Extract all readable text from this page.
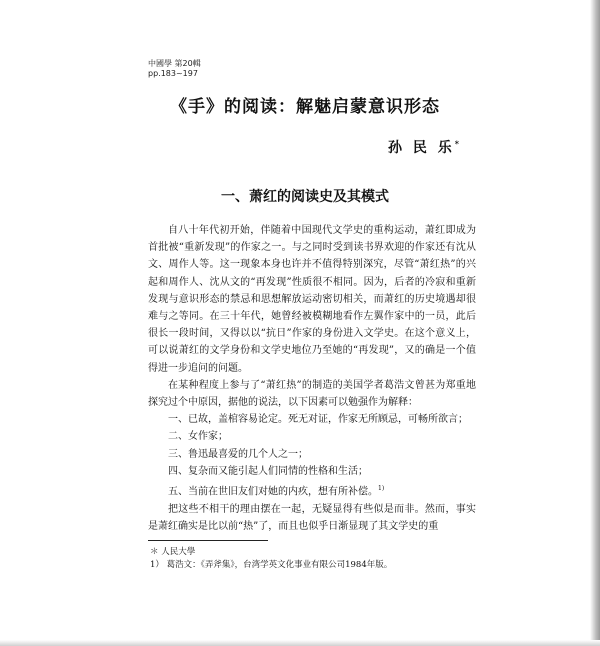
中國學 第20輯
pp.183~197
《手》的阅读：解魅启蒙意识形态
孙 民 乐*
一、萧红的阅读史及其模式

自八十年代初开始，伴随着中国现代文学史的重构运动，萧红即成为首批被“重新发现”的作家之一。与之同时受到读书界欢迎的作家还有沈从文、周作人等。这一现象本身也许并不值得特别深究，尽管“萧红热”的兴起和周作人、沈从文的“再发现”性质很不相同。因为，后者的冷寂和重新发现与意识形态的禁忌和思想解放运动密切相关，而萧红的历史境遇却很难与之等同。在三十年代，她曾经被模糊地看作左翼作家中的一员，此后很长一段时间，又得以以“抗日”作家的身份进入文学史。在这个意义上，可以说萧红的文学身份和文学史地位乃至她的“再发现”，又的确是一个值得进一步追问的问题。

在某种程度上参与了“萧红热”的制造的美国学者葛浩文曾甚为郑重地探究过个中原因，据他的说法，以下因素可以勉强作为解释：

一、已故，盖棺容易论定。死无对证，作家无所顾忌，可畅所欲言；

二、女作家；

三、鲁迅最喜爱的几个人之一；

四、复杂而又能引起人们同情的性格和生活；

五、当前在世旧友们对她的内疚，想有所补偿。$^{1)}$

把这些不相干的理由摆在一起，无疑显得有些似是而非。然而，事实是萧红确实是比以前“热”了，而且也似乎日渐显现了其文学史的重

＊ 人民大學

1） 葛浩文：《弄斧集》，台湾学英文化事业有限公司1984年版。
